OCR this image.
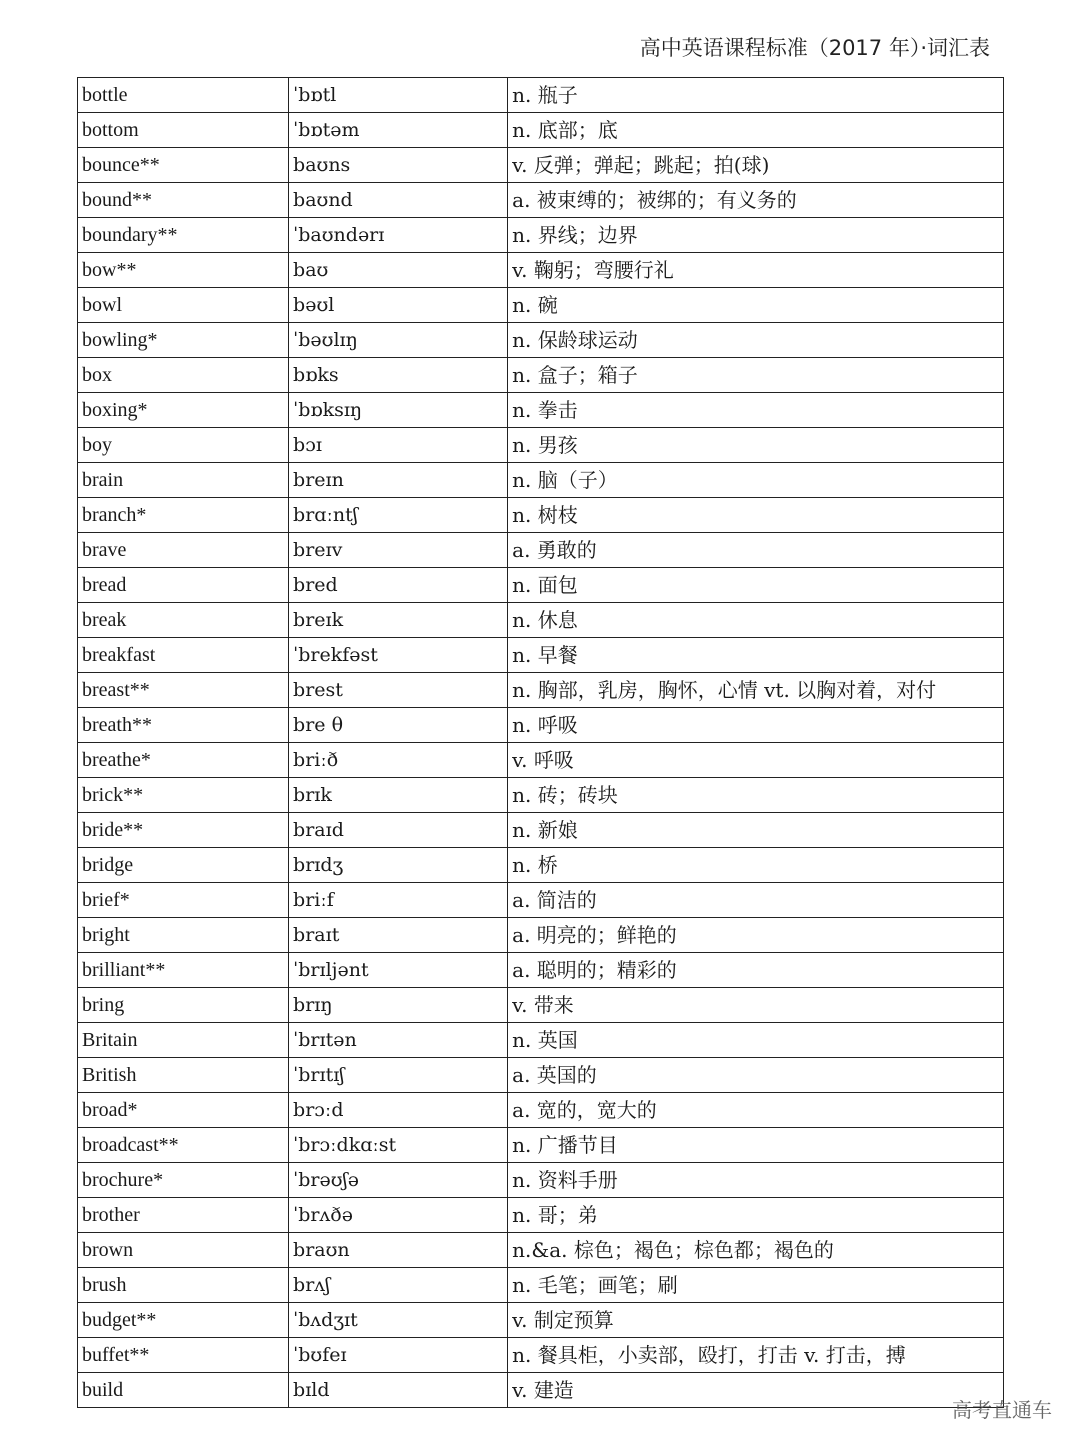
高中英语课程标准（2017 年）·词汇表
bottle	ˈbɒtl	n. 瓶子
bottom	ˈbɒtəm	n. 底部；底
bounce**	baʊns	v. 反弹；弹起；跳起；拍(球)
bound**	baʊnd	a. 被束缚的；被绑的；有义务的
boundary**	ˈbaʊndərɪ	n. 界线；边界
bow**	baʊ	v. 鞠躬；弯腰行礼
bowl	bəʊl	n. 碗
bowling*	ˈbəʊlɪŋ	n. 保龄球运动
box	bɒks	n. 盒子；箱子
boxing*	ˈbɒksɪŋ	n. 拳击
boy	bɔɪ	n. 男孩
brain	breɪn	n. 脑（子）
branch*	brɑːntʃ	n. 树枝
brave	breɪv	a. 勇敢的
bread	bred	n. 面包
break	breɪk	n. 休息
breakfast	ˈbrekfəst	n. 早餐
breast**	brest	n. 胸部，乳房，胸怀，心情 vt. 以胸对着，对付
breath**	bre θ	n. 呼吸
breathe*	briːð	v. 呼吸
brick**	brɪk	n. 砖；砖块
bride**	braɪd	n. 新娘
bridge	brɪdʒ	n. 桥
brief*	briːf	a. 简洁的
bright	braɪt	a. 明亮的；鲜艳的
brilliant**	ˈbrɪljənt	a. 聪明的；精彩的
bring	brɪŋ	v. 带来
Britain	ˈbrɪtən	n. 英国
British	ˈbrɪtɪʃ	a. 英国的
broad*	brɔːd	a. 宽的，宽大的
broadcast**	ˈbrɔːdkɑːst	n. 广播节目
brochure*	ˈbrəʊʃə	n. 资料手册
brother	ˈbrʌðə	n. 哥；弟
brown	braʊn	n.&a. 棕色；褐色；棕色都；褐色的
brush	brʌʃ	n. 毛笔；画笔；刷
budget**	ˈbʌdʒɪt	v. 制定预算
buffet**	ˈbʊfeɪ	n. 餐具柜，小卖部，殴打，打击 v. 打击，搏
build	bɪld	v. 建造
高考直通车
